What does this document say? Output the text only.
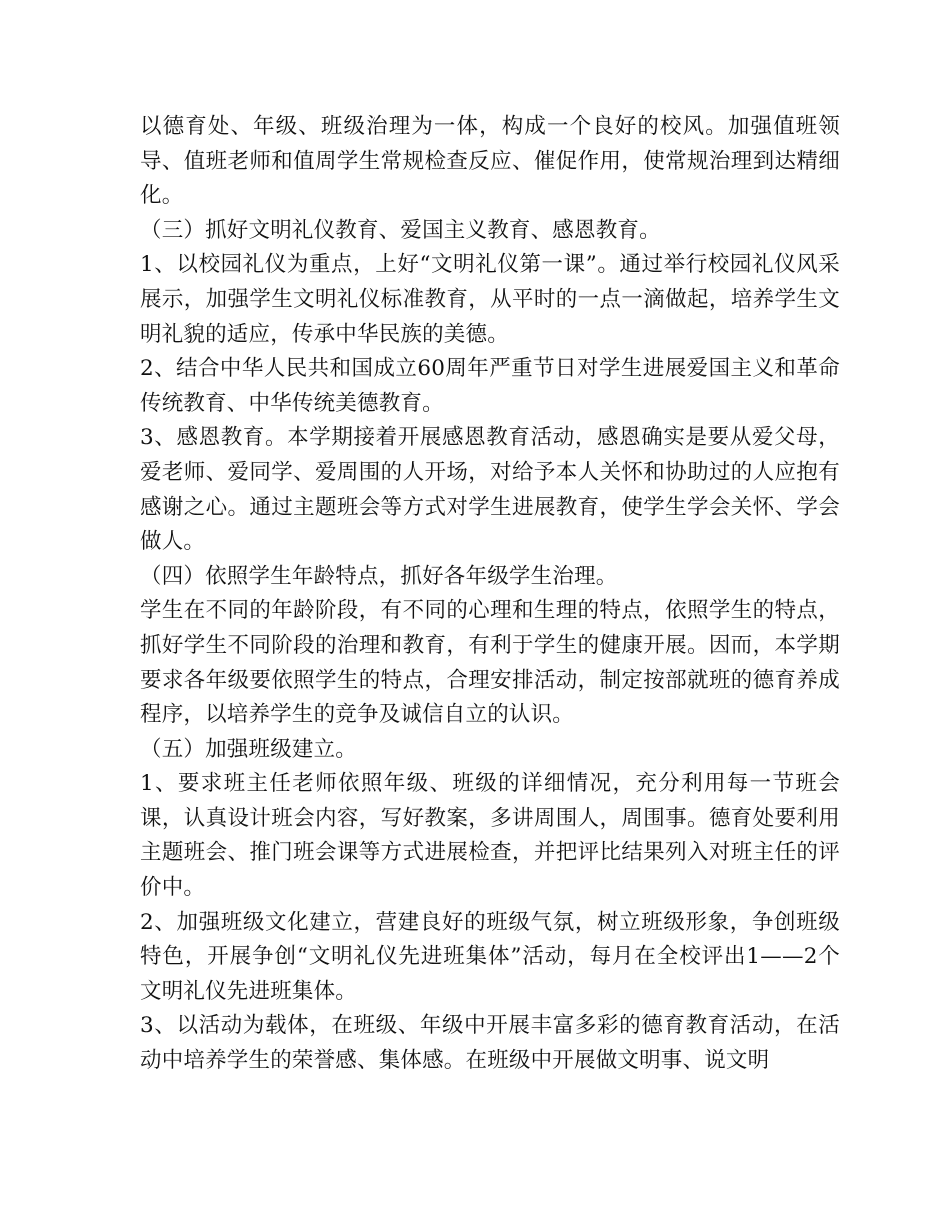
以德育处、年级、班级治理为一体，构成一个良好的校风。加强值班领导、值班老师和值周学生常规检查反应、催促作用，使常规治理到达精细化。

（三）抓好文明礼仪教育、爱国主义教育、感恩教育。

1、以校园礼仪为重点，上好“文明礼仪第一课”。通过举行校园礼仪风采展示，加强学生文明礼仪标准教育，从平时的一点一滴做起，培养学生文明礼貌的适应，传承中华民族的美德。

2、结合中华人民共和国成立60周年严重节日对学生进展爱国主义和革命传统教育、中华传统美德教育。

3、感恩教育。本学期接着开展感恩教育活动，感恩确实是要从爱父母，爱老师、爱同学、爱周围的人开场，对给予本人关怀和协助过的人应抱有感谢之心。通过主题班会等方式对学生进展教育，使学生学会关怀、学会做人。

（四）依照学生年龄特点，抓好各年级学生治理。

学生在不同的年龄阶段，有不同的心理和生理的特点，依照学生的特点，抓好学生不同阶段的治理和教育，有利于学生的健康开展。因而，本学期要求各年级要依照学生的特点，合理安排活动，制定按部就班的德育养成程序，以培养学生的竞争及诚信自立的认识。

（五）加强班级建立。

1、要求班主任老师依照年级、班级的详细情况，充分利用每一节班会课，认真设计班会内容，写好教案，多讲周围人，周围事。德育处要利用主题班会、推门班会课等方式进展检查，并把评比结果列入对班主任的评价中。

2、加强班级文化建立，营建良好的班级气氛，树立班级形象，争创班级特色，开展争创“文明礼仪先进班集体”活动，每月在全校评出1——2个文明礼仪先进班集体。

3、以活动为载体，在班级、年级中开展丰富多彩的德育教育活动，在活动中培养学生的荣誉感、集体感。在班级中开展做文明事、说文明
